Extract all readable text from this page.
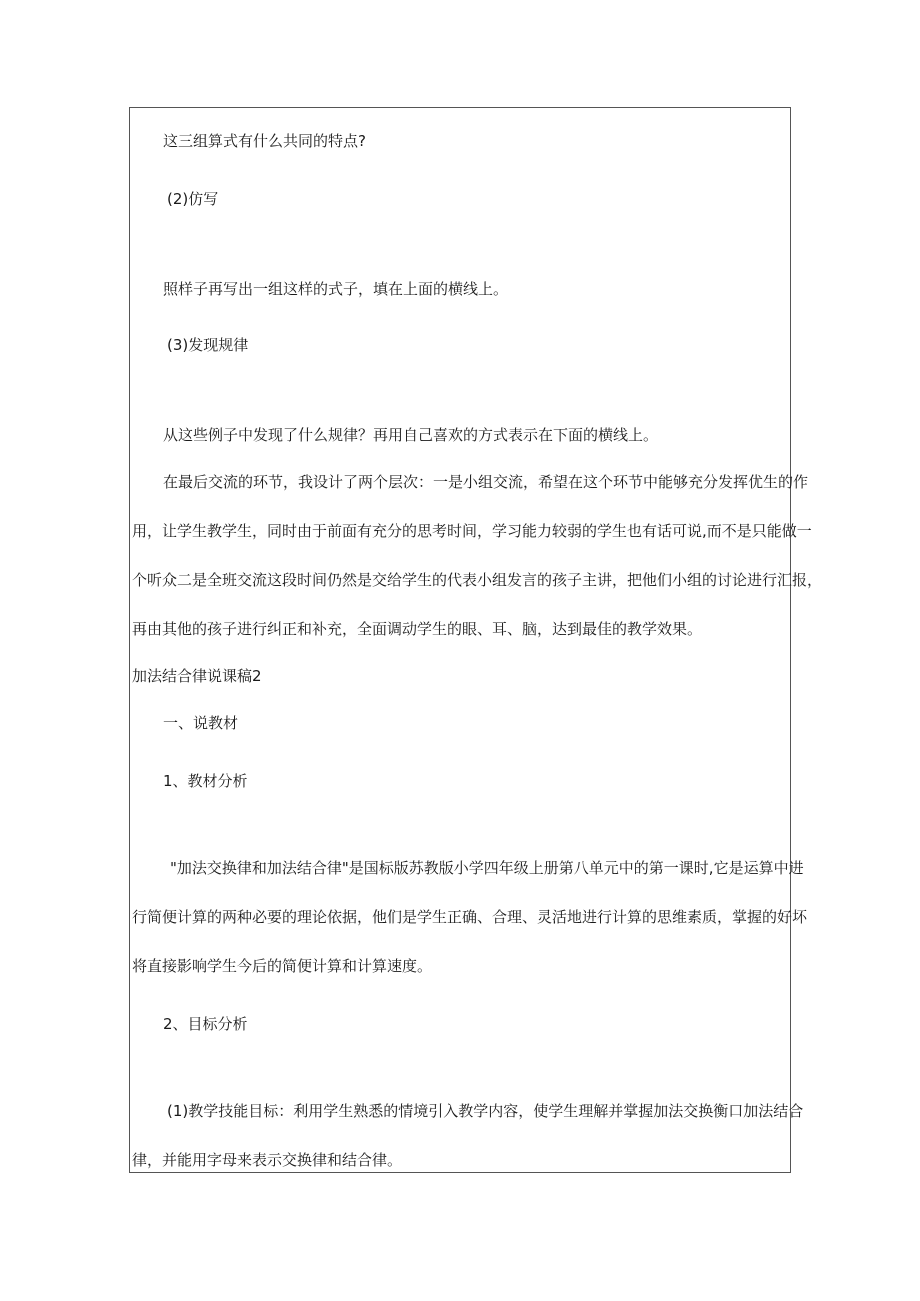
这三组算式有什么共同的特点?

(2)仿写

照样子再写出一组这样的式子，填在上面的横线上。

(3)发现规律

从这些例子中发现了什么规律？再用自己喜欢的方式表示在下面的横线上。

在最后交流的环节，我设计了两个层次：一是小组交流，希望在这个环节中能够充分发挥优生的作

用，让学生教学生，同时由于前面有充分的思考时间，学习能力较弱的学生也有话可说,而不是只能做一

个听众二是全班交流这段时间仍然是交给学生的代表小组发言的孩子主讲，把他们小组的讨论进行汇报，

再由其他的孩子进行纠正和补充，全面调动学生的眼、耳、脑，达到最佳的教学效果。

加法结合律说课稿2

一、说教材

1、教材分析

"加法交换律和加法结合律"是国标版苏教版小学四年级上册第八单元中的第一课时,它是运算中进

行简便计算的两种必要的理论依据，他们是学生正确、合理、灵活地进行计算的思维素质，掌握的好坏

将直接影响学生今后的简便计算和计算速度。

2、目标分析

(1)教学技能目标：利用学生熟悉的情境引入教学内容，使学生理解并掌握加法交换衡口加法结合

律，并能用字母来表示交换律和结合律。
